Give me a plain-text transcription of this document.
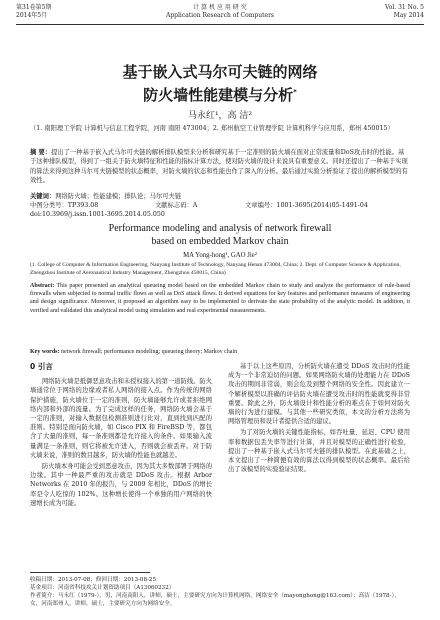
第31卷第5期
2014年5月
计 算 机 应 用 研 究
Application Research of Computers
Vol. 31 No. 5
May 2014
基于嵌入式马尔可夫链的网络
防火墙性能建模与分析*
马永红¹，高 洁²
（1. 南阳理工学院 计算机与信息工程学院，河南 南阳 473004；2. 郑州航空工业管理学院 计算机科学与应用系，郑州 450015）
摘 要：提出了一种基于嵌入式马尔可夫链的解析排队模型来分析和研究基于一定准则的防火墙在面对正常流量和DoS攻击时的性能。基于这种排队模型，得到了一组关于防火墙特征和性能的指标计算方法，使对防火墙的设计来说具有重要意义。同时还提出了一种基于实现的算法来得到这种马尔可夫链模型的状态概率，对防火墙的状态和性能也作了深入的分析。最后通过实验分析验证了提出的解析模型的有效性。
关键词：网络防火墙；性能建模；排队论；马尔可夫链
中图分类号：TP393.08	文献标志码：A	文章编号：1001-3695(2014)05-1491-04
doi:10.3969/j.issn.1001-3695.2014.05.050
Performance modeling and analysis of network firewall
based on embedded Markov chain
MA Yong-hong¹, GAO Jie²
(1. College of Computer & Information Engineering, Nanyang Institute of Technology, Nanyang Henan 473004, China; 2. Dept. of Computer Science & Application, Zhengzhou Institute of Aeronautical Industry Management, Zhengzhou 450015, China)
Abstract: This paper presented an analytical queueing model based on the embedded Markov chain to study and analyze the performance of rule-based firewalls when subjected to normal traffic flows as well as DoS attack flows. It derived equations for key features and performance measures of engineering and design significance. Moreover, it proposed an algorithm easy to be implemented to derivate the state probability of the analytic model. In addition, it verified and validated this analytical model using simulation and real experimental measurements.
Key words: network firewall; performance modeling; queueing theory; Markov chain
0 引言

网络防火墙是抵御恶意攻击和未授权接入的第一道防线。防火墙通常位于网络的边缘或者私人网络的接入点。作为传统的网络保护措施，防火墙位于一定的准则，防火墙能够允许或者拒绝网络内部和外部的流量。为了完成这样的任务，网络防火墙会基于一定的准则，对输入数据包检测准则进行比对，直到找到匹配的准则。特别是面向防火墙，如 Cisco PIX 和 FireBSD 等，都包含了大量的准则，每一条准则都是允许接入的条件。如果输入流量满足一条准则，则它将被允许进入，否则就会被丢弃。对于防火墙来说，准则的数目越多，防火墙的性能也就越差。

防火墙本身可能会受到恶意攻击，因为其大多数部署于网络的边缘。其中一种最严重的攻击就是 DDoS 攻击。根据 Arbor Networks 在 2010 年的报告，与 2009 年相比，DDoS 的增长率是令人吃惊的 102%。这种增长使得一个单独的用户网络的快速增长成为可能。

基于以上这些原因，分析防火墙在遭受 DDoS 攻击时的性能成为一个非常迫切的问题。如果网络防火墙的处理能力在 DDoS 攻击的期间非常弱，则会危及到整个网络的安全性。因此建立一个解析模型以准确的评估防火墙在遭受攻击时的性能就变得非常重要。除此之外，防火墙设计和性能分析的难点在于如何对防火墙的行为进行建模。与其他一些研究类似，本文的分析方法将为网络管理员和设计者提供合适的建议。

为了对防火墙的关键性能指标，如吞吐量、延迟、CPU 使用率和数据包丢失率等进行计算，并且对模型的正确性进行检验，提出了一种基于嵌入式马尔可夫链的排队模型。在此基础之上，本文提出了一种简便有效的算法以得到模型的状态概率。最后给出了该模型的实验验证结果。

收稿日期：2013-07-08；修回日期：2013-08-25
基金项目：河南省科技攻关计划资助项目（A13060232）
作者简介：马永红（1979-），男，河南南阳人，讲师，硕士，主要研究方向为计算机网络，网络安全（mayonghong@163.com）；高洁（1978-），女，河南郑州人，讲师，硕士，主要研究方向为网络安全。
